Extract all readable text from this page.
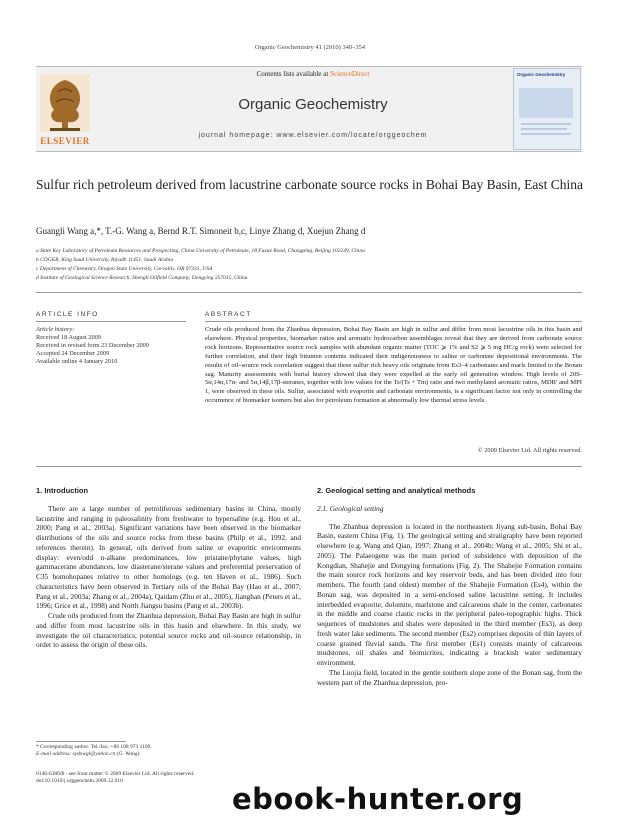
Organic Geochemistry 41 (2010) 340–354
ELSEVIER
Contents lists available at ScienceDirect
Organic Geochemistry
journal homepage: www.elsevier.com/locate/orggeochem
Organic Geochemistry
Sulfur rich petroleum derived from lacustrine carbonate source rocks in Bohai Bay Basin, East China
Guangli Wang a,*, T.-G. Wang a, Bernd R.T. Simoneit b,c, Linye Zhang d, Xuejun Zhang d
a State Key Laboratory of Petroleum Resources and Prospecting, China University of Petroleum, 18 Fuxue Road, Changping, Beijing 102249, China
b COGER, King Saud University, Riyadh 11451, Saudi Arabia
c Department of Chemistry, Oregon State University, Corvallis, OR 97331, USA
d Institute of Geological Science Research, Shengli Oilfield Company, Dongying 257015, China
ARTICLE INFO	ABSTRACT
Article history:
Received 18 August 2009
Received in revised form 23 December 2009
Accepted 24 December 2009
Available online 4 January 2010
Crude oils produced from the Zhanhua depression, Bohai Bay Basin are high in sulfur and differ from most lacustrine oils in this basin and elsewhere. Physical properties, biomarker ratios and aromatic hydrocarbon assemblages reveal that they are derived from carbonate source rock horizons. Representative source rock samples with abundant organic matter (TOC ⩾ 1% and S2 ⩾ 5 mg HC/g rock) were selected for further correlation, and their high bitumen contents indicated their indigenousness to saline or carbonate depositional environments. The results of oil–source rock correlation suggest that these sulfur rich heavy oils originate from Es3–4 carbonates and marls limited to the Bonan sag. Maturity assessments with burial history showed that they were expelled at the early oil generation window. High levels of 20S-5α,14α,17α- and 5α,14β,17β-steranes, together with low values for the Ts/(Ts + Tm) ratio and two methylated aromatic ratios, MDR' and MPI 1, were observed in these oils. Sulfur, associated with evaporite and carbonate environments, is a significant factor not only in controlling the occurrence of biomarker isomers but also for petroleum formation at abnormally low thermal stress levels.
© 2009 Elsevier Ltd. All rights reserved.
1. Introduction

There are a large number of petroliferous sedimentary basins in China, mostly lacustrine and ranging in paleosalinity from freshwater to hypersaline (e.g. Hou et al., 2000; Pang et al., 2003a). Significant variations have been observed in the biomarker distributions of the oils and source rocks from these basins (Philp et al., 1992, and references therein). In general, oils derived from saline or evaporitic environments display: even/odd n-alkane predominances, low pristane/phytane values, high gammacerane abundances, low diasterane/sterane values and preferential preservation of C35 homohopanes relative to other homologs (e.g. ten Haven et al., 1986). Such characteristics have been observed in Tertiary oils of the Bohai Bay (Hao et al., 2007; Pang et al., 2003a; Zhang et al., 2004a), Qaidam (Zhu et al., 2005), Jianghan (Peters et al., 1996; Grice et al., 1998) and North Jiangsu basins (Pang et al., 2003b).

Crude oils produced from the Zhanhua depression, Bohai Bay Basin are high in sulfur and differ from most lacustrine oils in this basin and elsewhere. In this study, we investigate the oil characteristics, potential source rocks and oil–source relationship, in order to assess the origin of these oils.

2. Geological setting and analytical methods
2.1. Geological setting

The Zhanhua depression is located in the northeastern Jiyang sub-basin, Bohai Bay Basin, eastern China (Fig. 1). The geological setting and stratigraphy have been reported elsewhere (e.g. Wang and Qian, 1997; Zhang et al., 2004b; Wang et al., 2005; Shi et al., 2005). The Palaeogene was the main period of subsidence with deposition of the Kongdian, Shahejie and Dongying formations (Fig. 2). The Shahejie Formation contains the main source rock horizons and key reservoir beds, and has been divided into four members. The fourth (and oldest) member of the Shahejie Formation (Es4), within the Bonan sag, was deposited in a semi-enclosed saline lacustrine setting. It includes interbedded evaporite, dolomite, marlstone and calcareous shale in the center, carbonates in the middle and coarse clastic rocks in the peripheral paleo-topographic highs. Thick sequences of mudstones and shales were deposited in the third member (Es3), as deep fresh water lake sediments. The second member (Es2) comprises deposits of thin layers of coarse grained fluvial sands. The first member (Es1) consists mainly of calcareous mudstones, oil shales and biomicrites, indicating a brackish water sedimentary environment.

The Luojia field, located in the gentle southern slope zone of the Bonan sag, from the western part of the Zhanhua depression, pro-

* Corresponding author. Tel./fax: +86 108 973 1109.
E-mail address: sydxwgl@yahoo.cn (G. Wang).
0146-6380/$ - see front matter © 2009 Elsevier Ltd. All rights reserved.
doi:10.1016/j.orggeochem.2009.12.010
ebook-hunter.org
